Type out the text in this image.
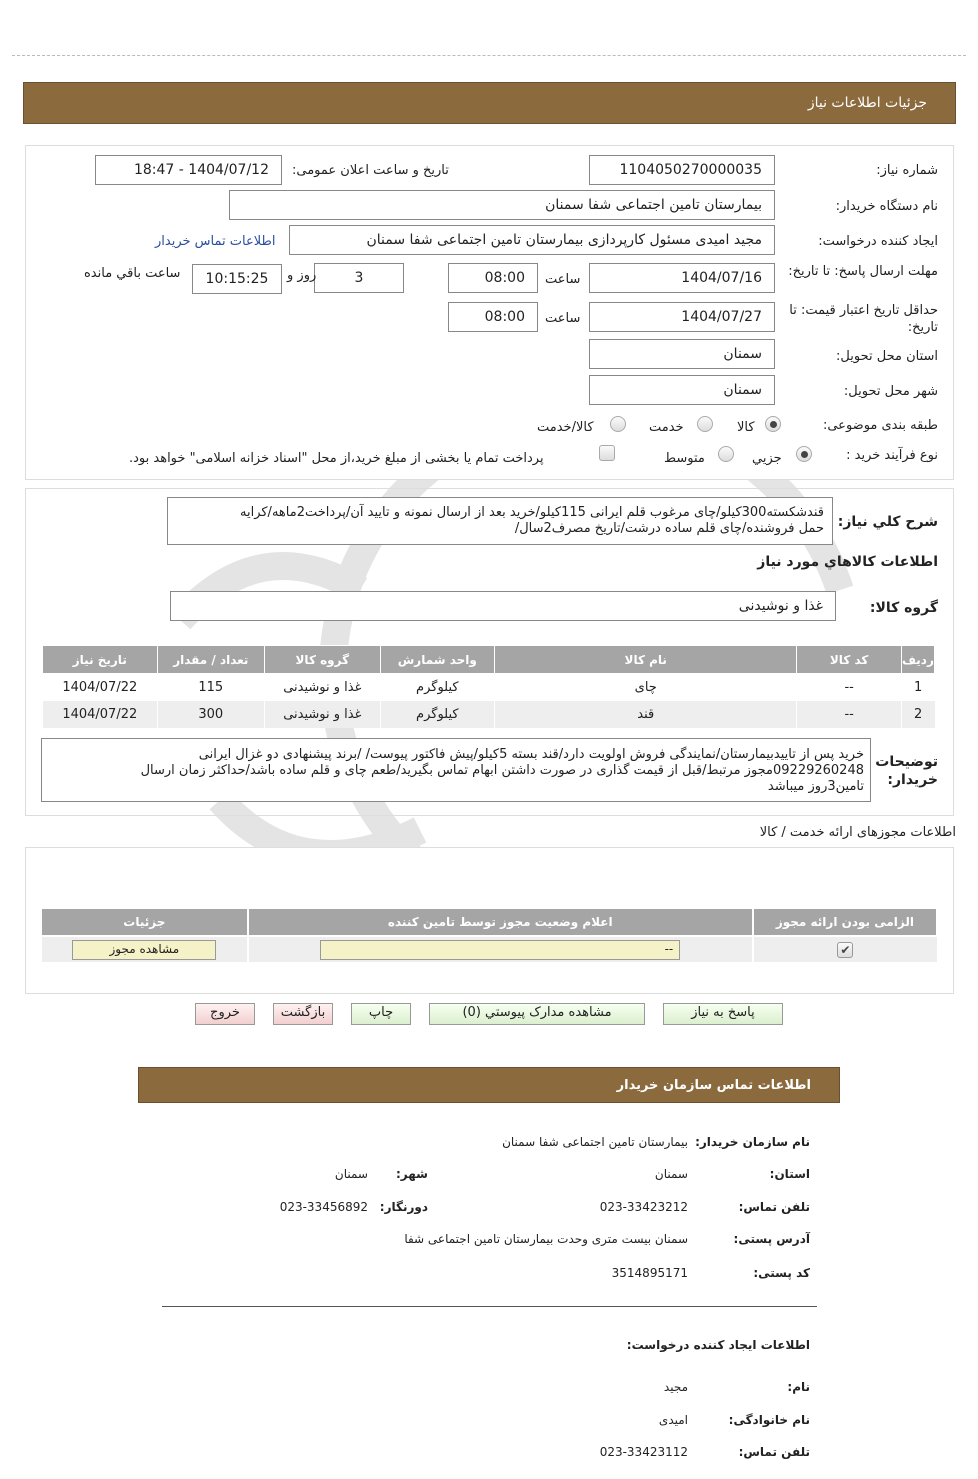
جزئیات اطلاعات نیاز
شماره نیاز:
1104050270000035
تاریخ و ساعت اعلان عمومی:
1404/07/12 - 18:47
نام دستگاه خریدار:
بیمارستان تامین اجتماعی شفا سمنان
ایجاد کننده درخواست:
مجید امیدی مسئول کارپردازی بیمارستان تامین اجتماعی شفا سمنان
اطلاعات تماس خریدار
مهلت ارسال پاسخ: تا تاریخ:
1404/07/16
ساعت
08:00
3
روز و
10:15:25
ساعت باقي مانده
حداقل تاریخ اعتبار قیمت: تا تاریخ:
1404/07/27
ساعت
08:00
استان محل تحویل:
سمنان
شهر محل تحویل:
سمنان
طبقه بندی موضوعی:
کالا
خدمت
کالا/خدمت
نوع فرآیند خرید :
جزیي
متوسط
پرداخت تمام یا بخشی از مبلغ خرید،از محل "اسناد خزانه اسلامی" خواهد بود.
شرح کلي نیاز:
قندشکسته300کیلو/چای مرغوب قلم ایرانی 115کیلو/خرید بعد از ارسال نمونه و تایید آن/پرداخت2ماهه/کرایه
حمل فروشنده/چای قلم ساده درشت/تاریخ مصرف2سال/
اطلاعات کالاهاي مورد نیاز
گروه کالا:
غذا و نوشیدنی
ردیف	کد کالا	نام کالا	واحد شمارش	گروه کالا	تعداد / مقدار	تاریخ نیاز
1	--	چای	کیلوگرم	غذا و نوشیدنی	115	1404/07/22
2	--	قند	کیلوگرم	غذا و نوشیدنی	300	1404/07/22
توضیحات خریدار:
خرید پس از تاییدبیمارستان/نمایندگی فروش اولویت دارد/قند بسته 5کیلو/پیش فاکتور پیوست/ /برند پیشنهادی دو غزال ایرانی
09229260248مجوز مرتبط/قبل از قیمت گذاری در صورت داشتن ابهام تماس بگیرید/طعم چای و قلم ساده باشد/حداکثر زمان ارسال
تامین3روز میباشد
اطلاعات مجوزهای ارائه خدمت / کالا
الزامی بودن ارائه مجوز	اعلام وضعیت مجوز توسط تامین کننده	جزئیات
✔	--	مشاهده مجوز
پاسخ به نیاز
مشاهده مدارک پیوستي (0)
چاپ
بازگشت
خروج
اطلاعات تماس سازمان خریدار
نام سازمان خریدار:
بیمارستان تامین اجتماعی شفا سمنان
استان:
سمنان
شهر:
سمنان
تلفن تماس:
023-33423212
دورنگار:
023-33456892
آدرس پستی:
سمنان بیست متری وحدت بیمارستان تامین اجتماعی شفا
کد پستی:
3514895171
اطلاعات ایجاد کننده درخواست:
نام:
مجید
نام خانوادگی:
امیدی
تلفن تماس:
023-33423112
